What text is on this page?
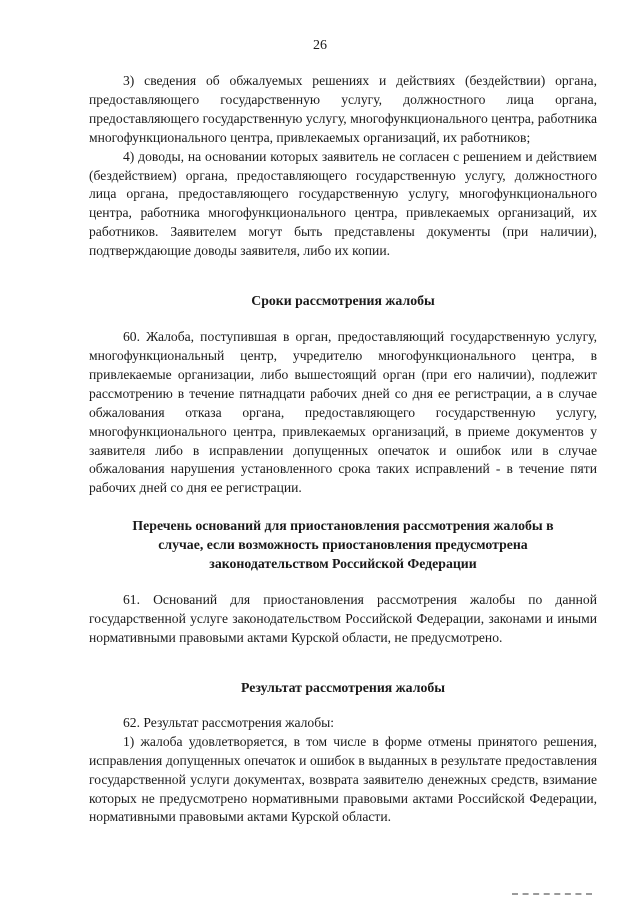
26

3) сведения об обжалуемых решениях и действиях (бездействии) органа, предоставляющего государственную услугу, должностного лица органа, предоставляющего государственную услугу, многофункционального центра, работника многофункционального центра, привлекаемых организаций, их работников;

4) доводы, на основании которых заявитель не согласен с решением и действием (бездействием) органа, предоставляющего государственную услугу, должностного лица органа, предоставляющего государственную услугу, многофункционального центра, работника многофункционального центра, привлекаемых организаций, их работников. Заявителем могут быть представлены документы (при наличии), подтверждающие доводы заявителя, либо их копии.

Сроки рассмотрения жалобы

60. Жалоба, поступившая в орган, предоставляющий государственную услугу, многофункциональный центр, учредителю многофункционального центра, в привлекаемые организации, либо вышестоящий орган (при его наличии), подлежит рассмотрению в течение пятнадцати рабочих дней со дня ее регистрации, а в случае обжалования отказа органа, предоставляющего государственную услугу, многофункционального центра, привлекаемых организаций, в приеме документов у заявителя либо в исправлении допущенных опечаток и ошибок или в случае обжалования нарушения установленного срока таких исправлений - в течение пяти рабочих дней со дня ее регистрации.

Перечень оснований для приостановления рассмотрения жалобы в

случае, если возможность приостановления предусмотрена

законодательством Российской Федерации

61. Оснований для приостановления рассмотрения жалобы по данной государственной услуге законодательством Российской Федерации, законами и иными нормативными правовыми актами Курской области, не предусмотрено.

Результат рассмотрения жалобы

62. Результат рассмотрения жалобы:

1) жалоба удовлетворяется, в том числе в форме отмены принятого решения, исправления допущенных опечаток и ошибок в выданных в результате предоставления государственной услуги документах, возврата заявителю денежных средств, взимание которых не предусмотрено нормативными правовыми актами Российской Федерации, нормативными правовыми актами Курской области.
